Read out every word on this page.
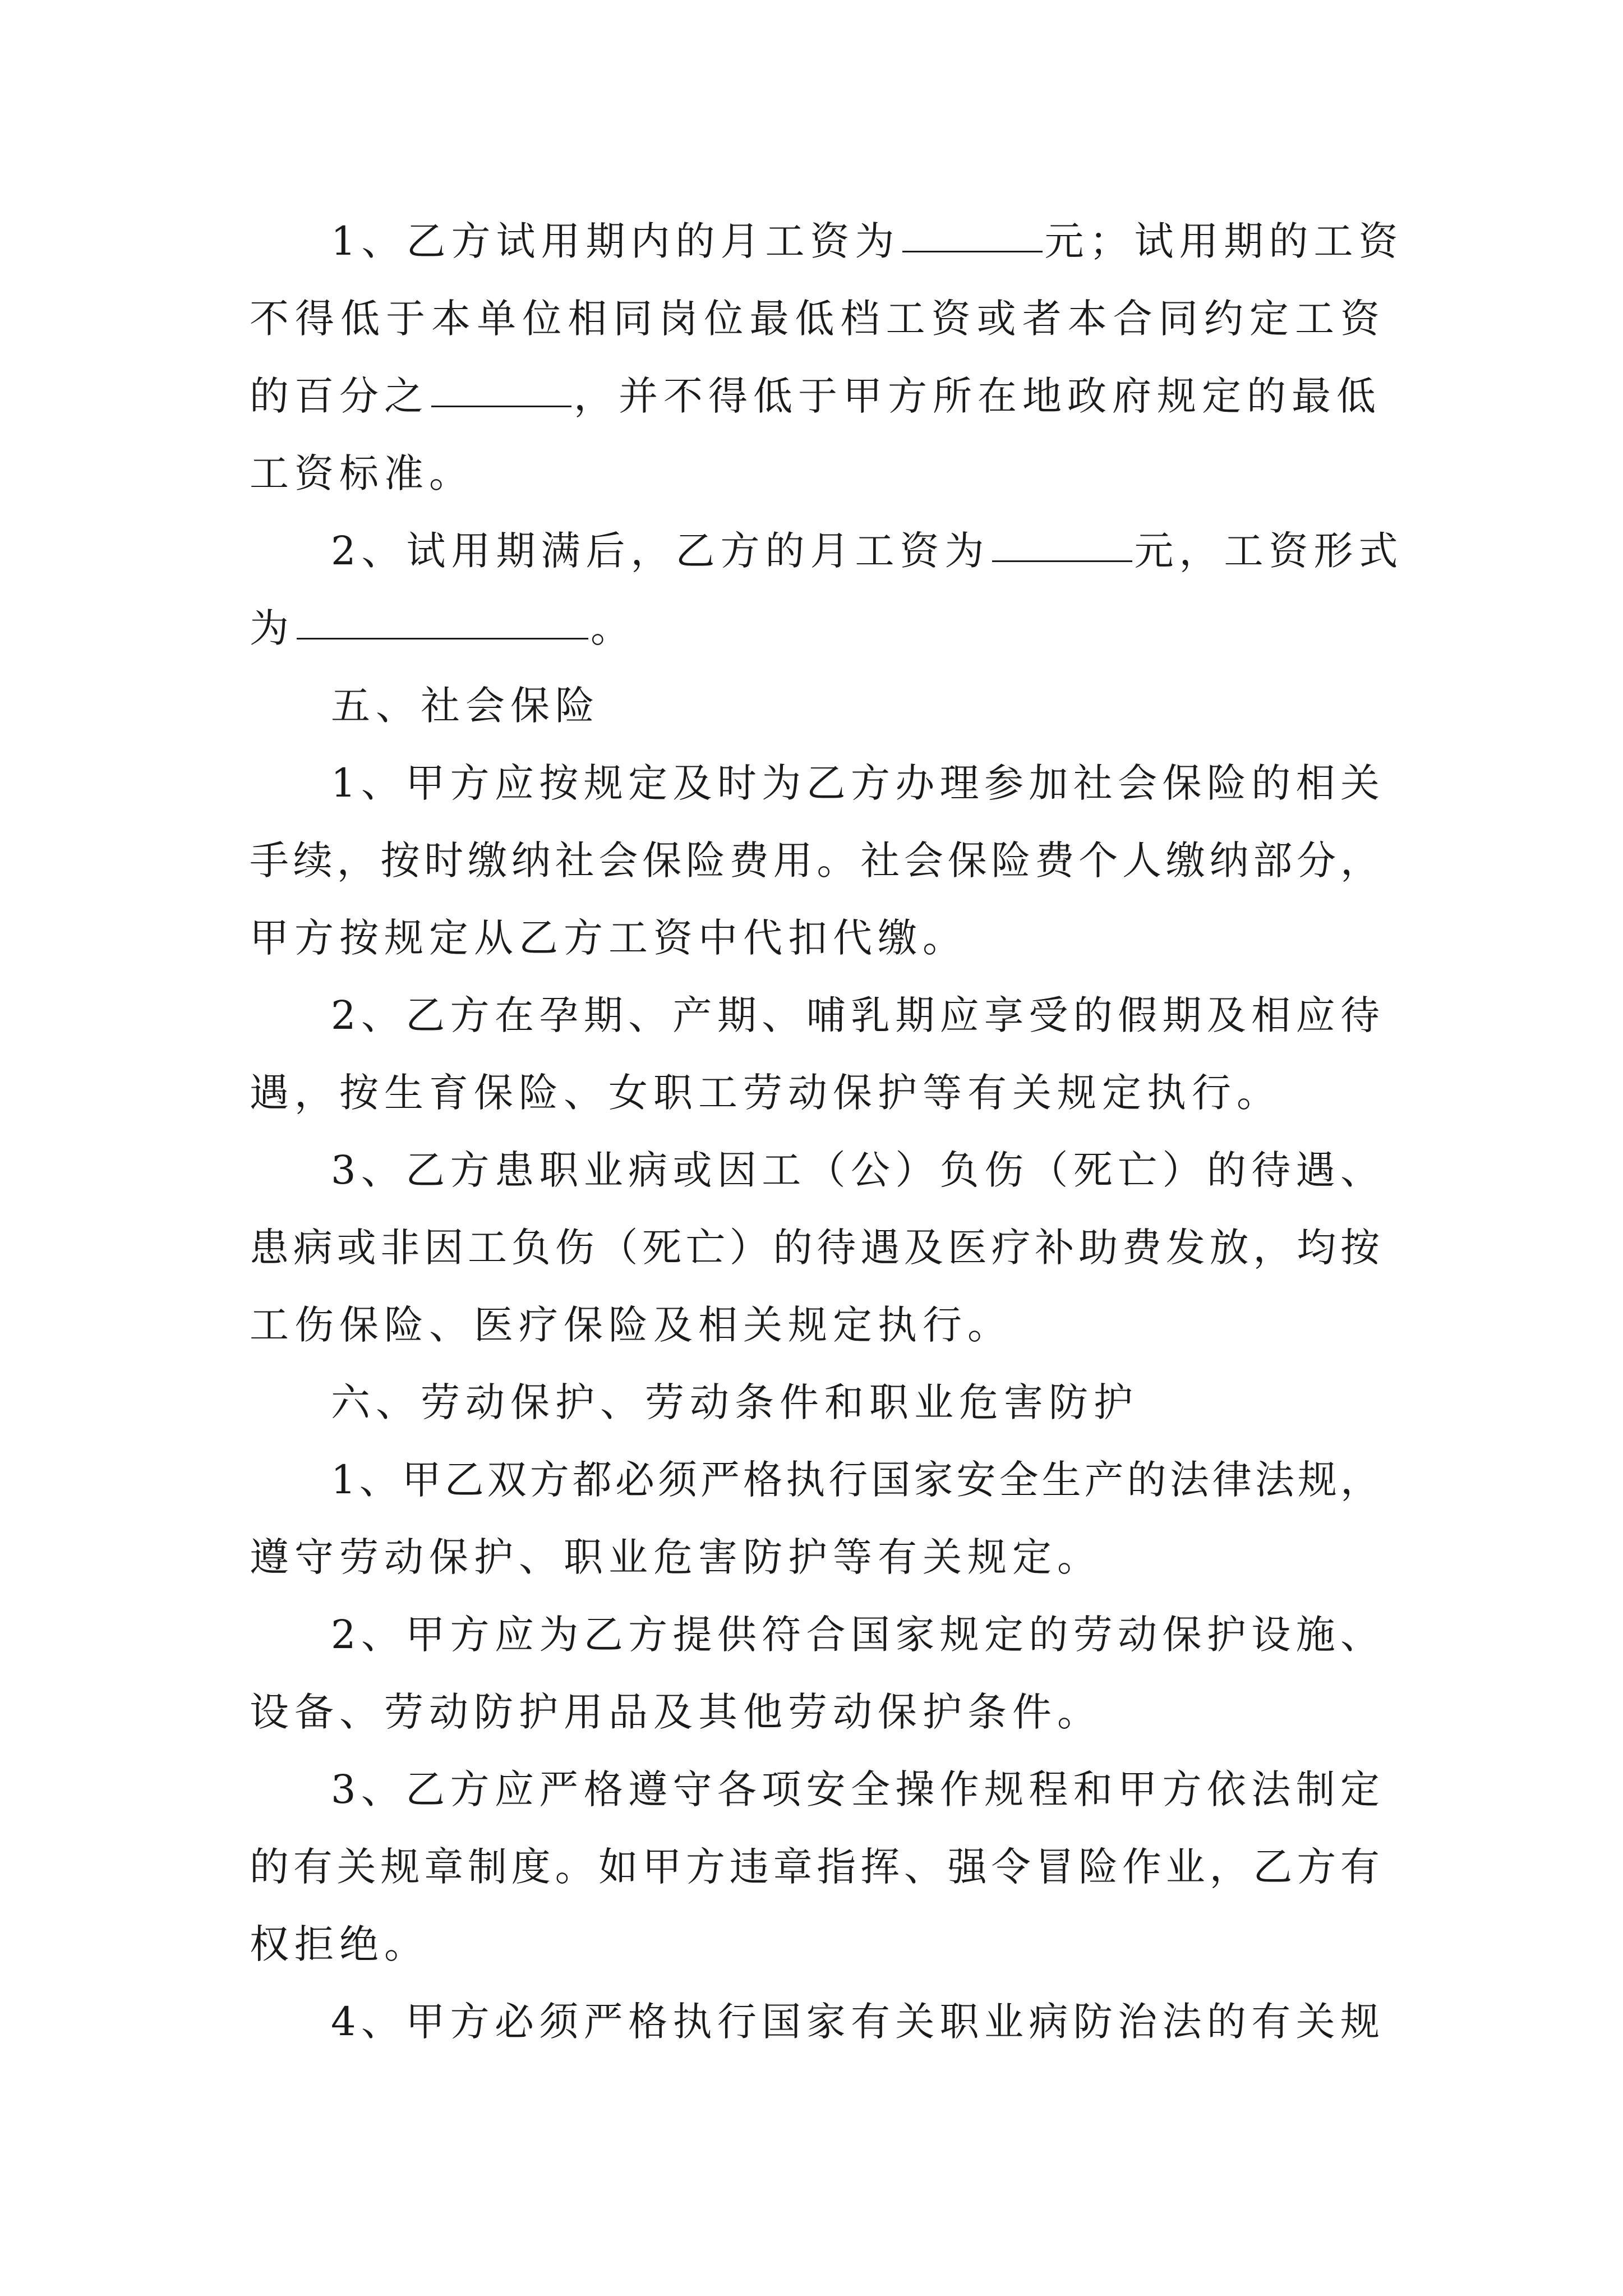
1、乙方试用期内的月工资为	元；试用期的工资
不得低于本单位相同岗位最低档工资或者本合同约定工资
的百分之	，并不得低于甲方所在地政府规定的最低
工资标准。
2、试用期满后，乙方的月工资为	元，工资形式
为	。
五、社会保险
1、甲方应按规定及时为乙方办理参加社会保险的相关
手续，按时缴纳社会保险费用。社会保险费个人缴纳部分，
甲方按规定从乙方工资中代扣代缴。
2、乙方在孕期、产期、哺乳期应享受的假期及相应待
遇，按生育保险、女职工劳动保护等有关规定执行。
3、乙方患职业病或因工（公）负伤（死亡）的待遇、
患病或非因工负伤（死亡）的待遇及医疗补助费发放，均按
工伤保险、医疗保险及相关规定执行。
六、劳动保护、劳动条件和职业危害防护
1、甲乙双方都必须严格执行国家安全生产的法律法规，
遵守劳动保护、职业危害防护等有关规定。
2、甲方应为乙方提供符合国家规定的劳动保护设施、
设备、劳动防护用品及其他劳动保护条件。
3、乙方应严格遵守各项安全操作规程和甲方依法制定
的有关规章制度。如甲方违章指挥、强令冒险作业，乙方有
权拒绝。
4、甲方必须严格执行国家有关职业病防治法的有关规
